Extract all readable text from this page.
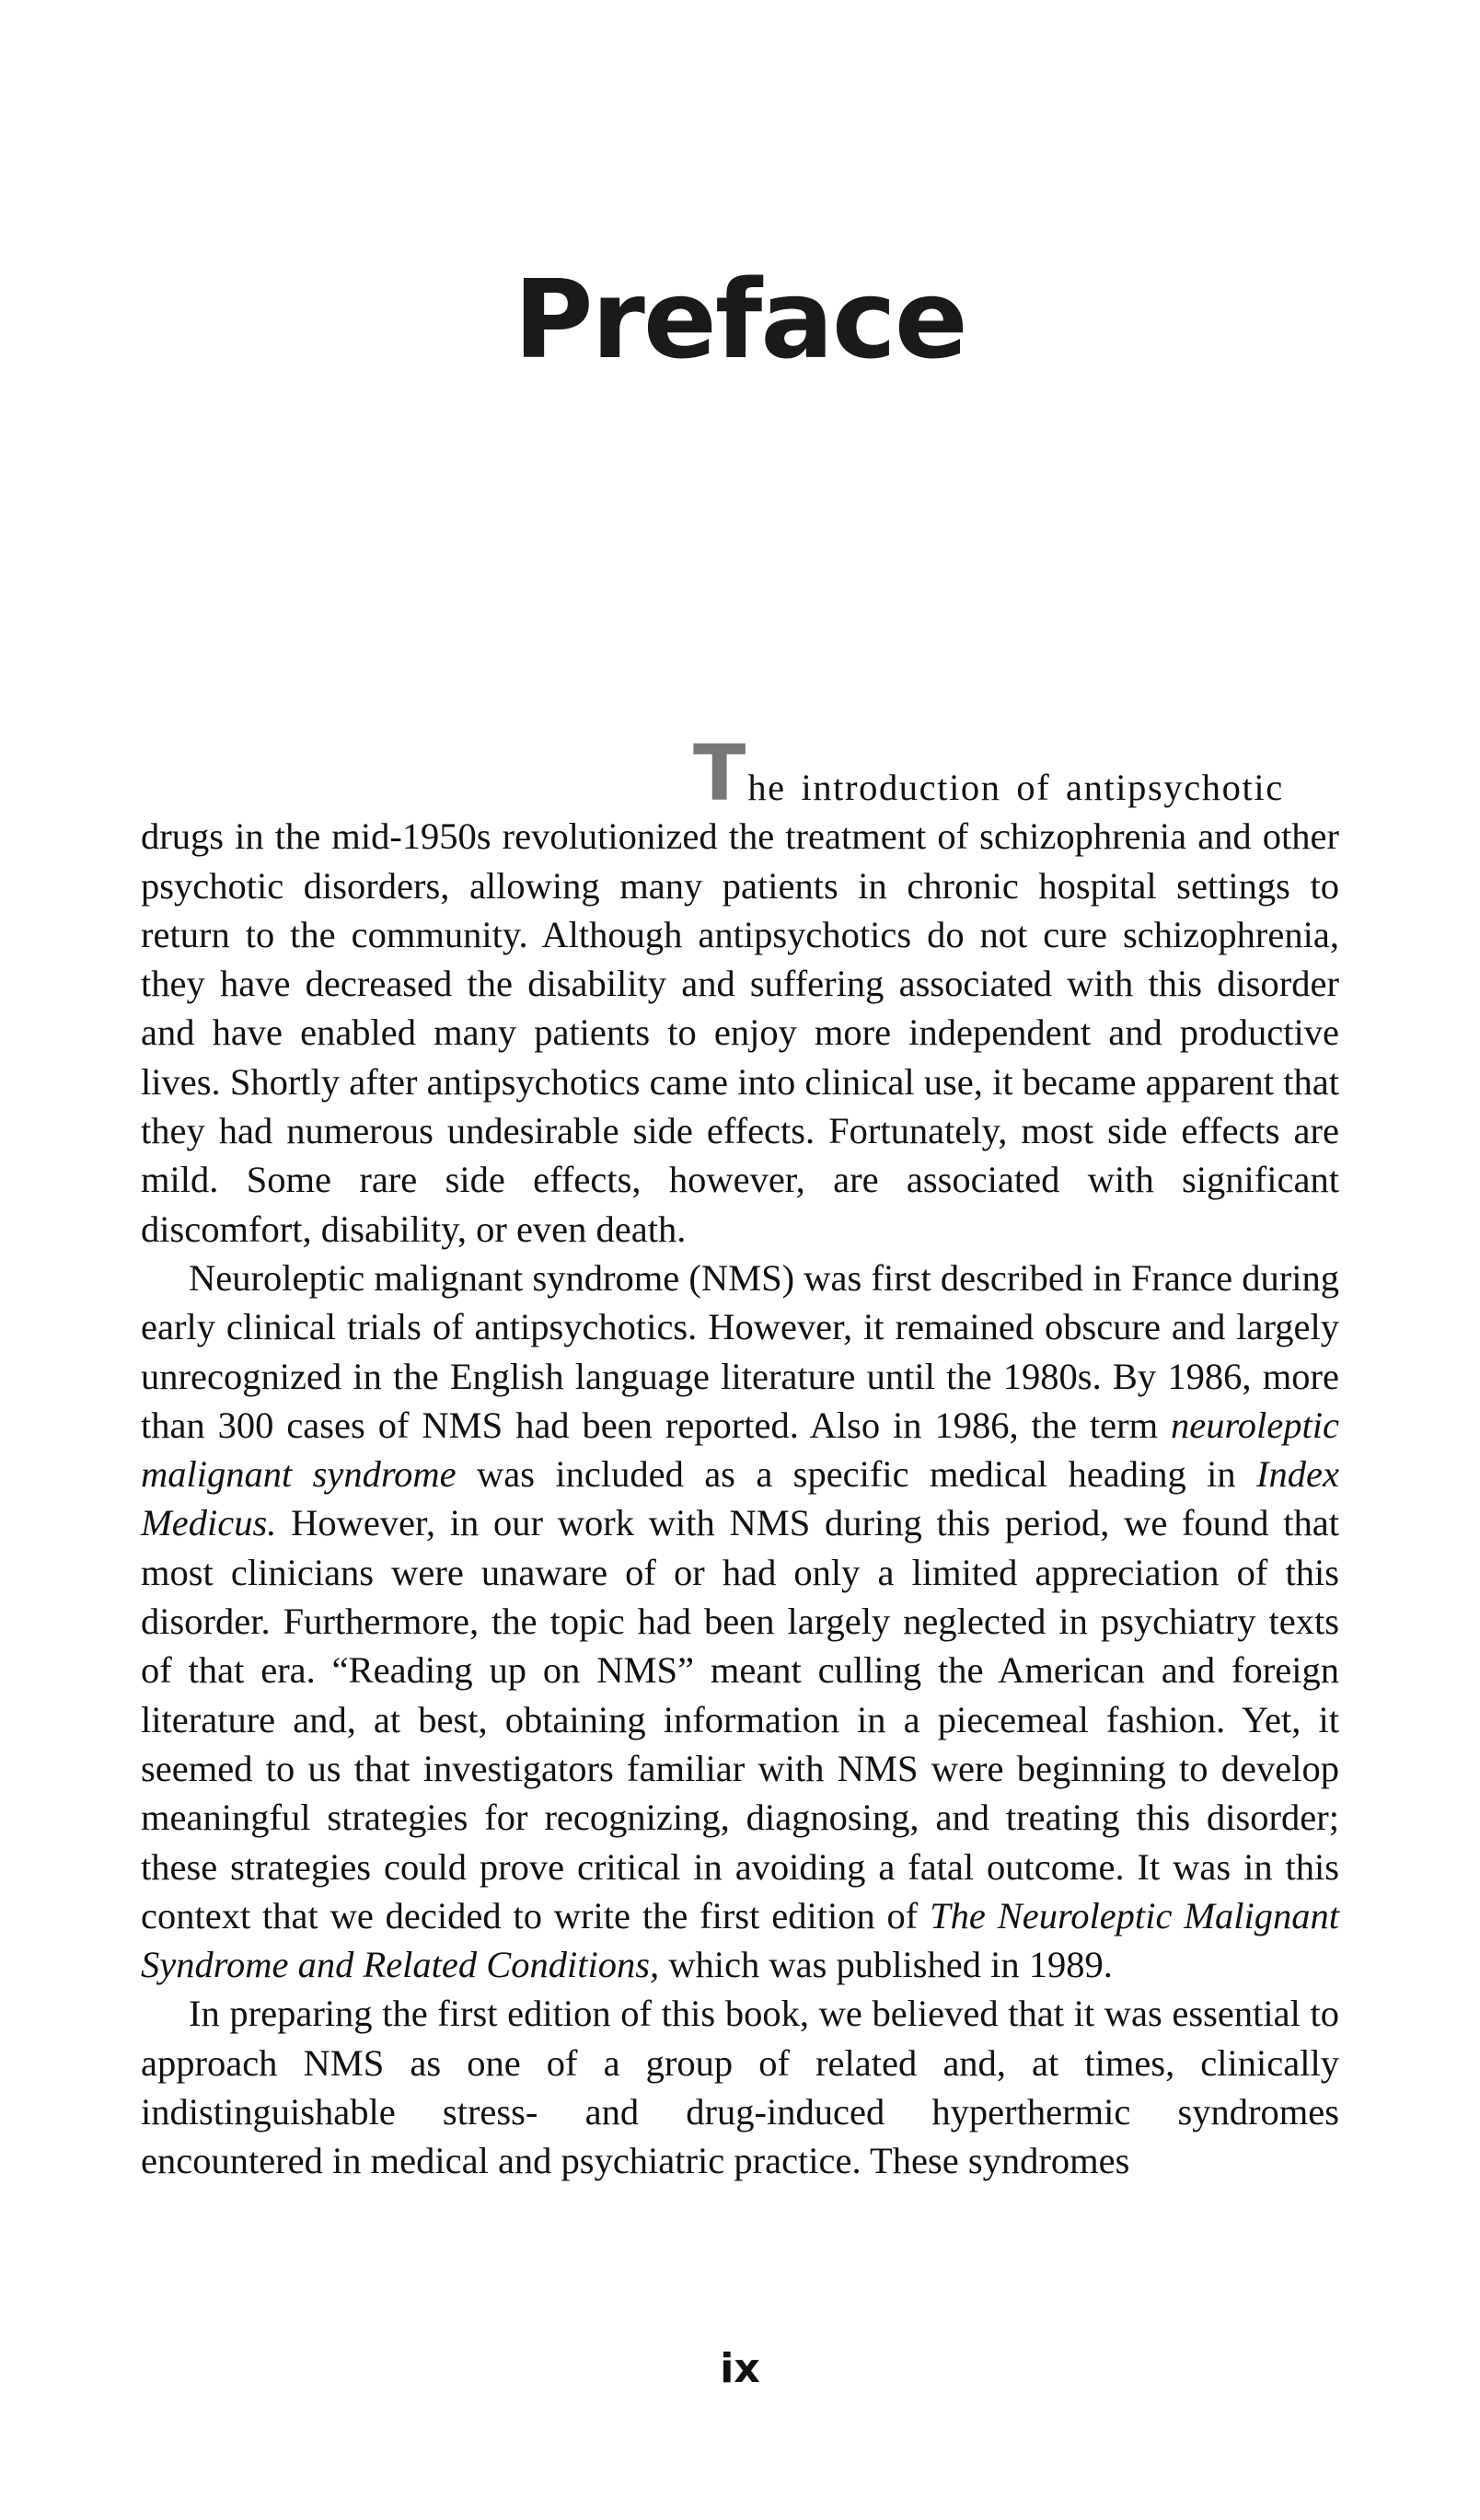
Preface

The introduction of antipsychotic

drugs in the mid-1950s revolutionized the treatment of schizophrenia and other psychotic disorders, allowing many patients in chronic hospital settings to return to the community. Although antipsychotics do not cure schizophrenia, they have decreased the disability and suffering associated with this disorder and have enabled many patients to enjoy more independent and productive lives. Shortly after antipsychotics came into clinical use, it became apparent that they had numerous undesirable side effects. Fortunately, most side effects are mild. Some rare side effects, however, are associated with significant discomfort, disability, or even death.

Neuroleptic malignant syndrome (NMS) was first described in France during early clinical trials of antipsychotics. However, it remained obscure and largely unrecognized in the English language literature until the 1980s. By 1986, more than 300 cases of NMS had been reported. Also in 1986, the term neuroleptic malignant syndrome was included as a specific medical heading in Index Medicus. However, in our work with NMS during this period, we found that most clinicians were unaware of or had only a limited appreciation of this disorder. Furthermore, the topic had been largely neglected in psychiatry texts of that era. “Reading up on NMS” meant culling the American and foreign literature and, at best, obtaining information in a piecemeal fashion. Yet, it seemed to us that investigators familiar with NMS were beginning to develop meaningful strategies for recognizing, diagnosing, and treating this disorder; these strategies could prove critical in avoiding a fatal outcome. It was in this context that we decided to write the first edition of The Neuroleptic Malignant Syndrome and Related Conditions, which was published in 1989.

In preparing the first edition of this book, we believed that it was essential to approach NMS as one of a group of related and, at times, clinically indistinguishable stress- and drug-induced hyperthermic syndromes encountered in medical and psychiatric practice. These syndromes

ix
